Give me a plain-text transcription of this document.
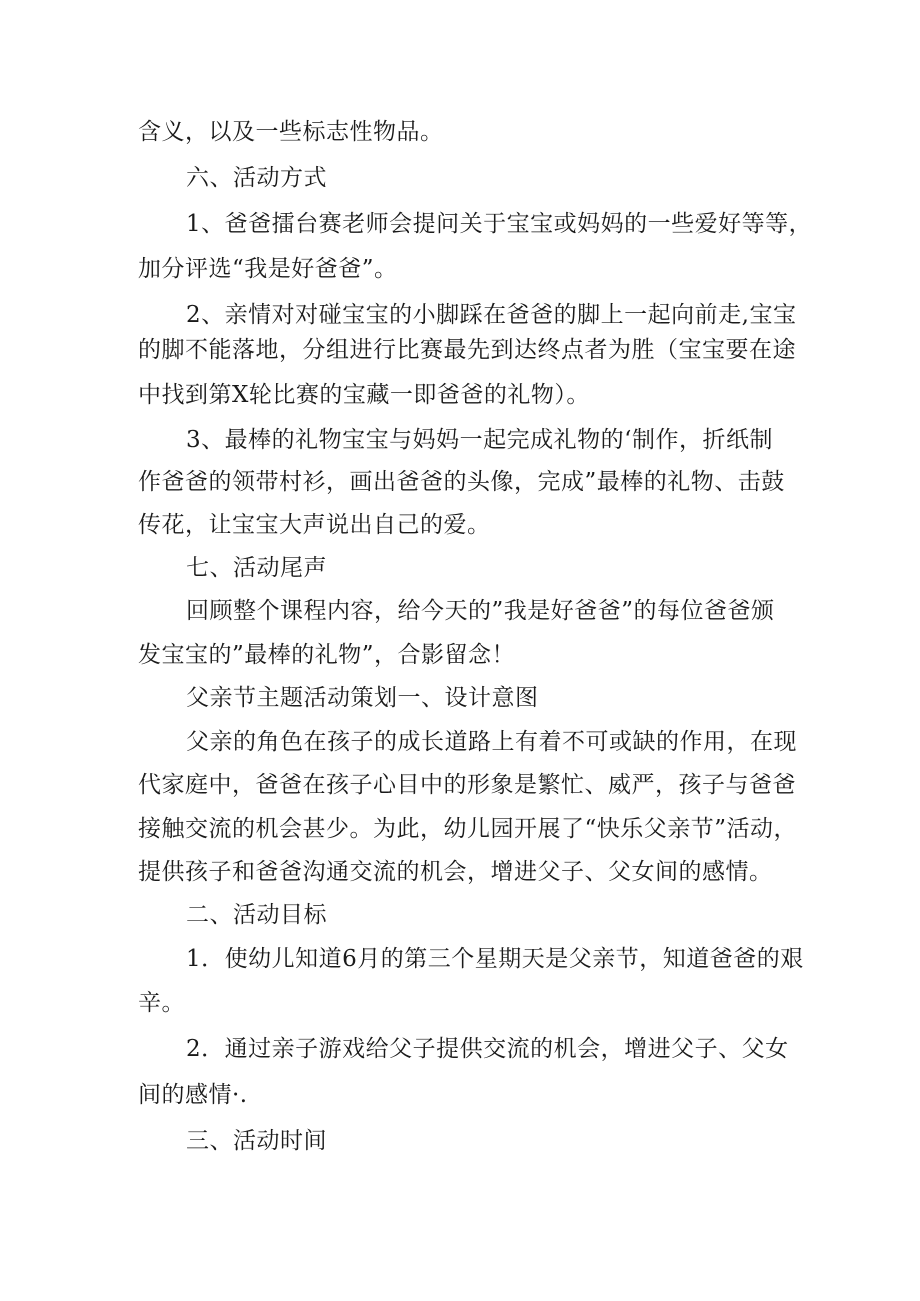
含义，以及一些标志性物品。
六、活动方式
1、爸爸擂台赛老师会提问关于宝宝或妈妈的一些爱好等等，
加分评选“我是好爸爸”。
2、亲情对对碰宝宝的小脚踩在爸爸的脚上一起向前走,宝宝
的脚不能落地，分组进行比赛最先到达终点者为胜（宝宝要在途
中找到第X轮比赛的宝藏一即爸爸的礼物）。
3、最棒的礼物宝宝与妈妈一起完成礼物的‘制作，折纸制
作爸爸的领带村衫，画出爸爸的头像，完成”最棒的礼物、击鼓
传花，让宝宝大声说出自己的爱。
七、活动尾声
回顾整个课程内容，给今天的”我是好爸爸”的每位爸爸颁
发宝宝的”最棒的礼物”，合影留念！
父亲节主题活动策划一、设计意图
父亲的角色在孩子的成长道路上有着不可或缺的作用，在现
代家庭中，爸爸在孩子心目中的形象是繁忙、威严，孩子与爸爸
接触交流的机会甚少。为此，幼儿园开展了“快乐父亲节”活动，
提供孩子和爸爸沟通交流的机会，增进父子、父女间的感情。
二、活动目标
1．使幼儿知道6月的第三个星期天是父亲节，知道爸爸的艰
辛。
2．通过亲子游戏给父子提供交流的机会，增进父子、父女
间的感情·.
三、活动时间
